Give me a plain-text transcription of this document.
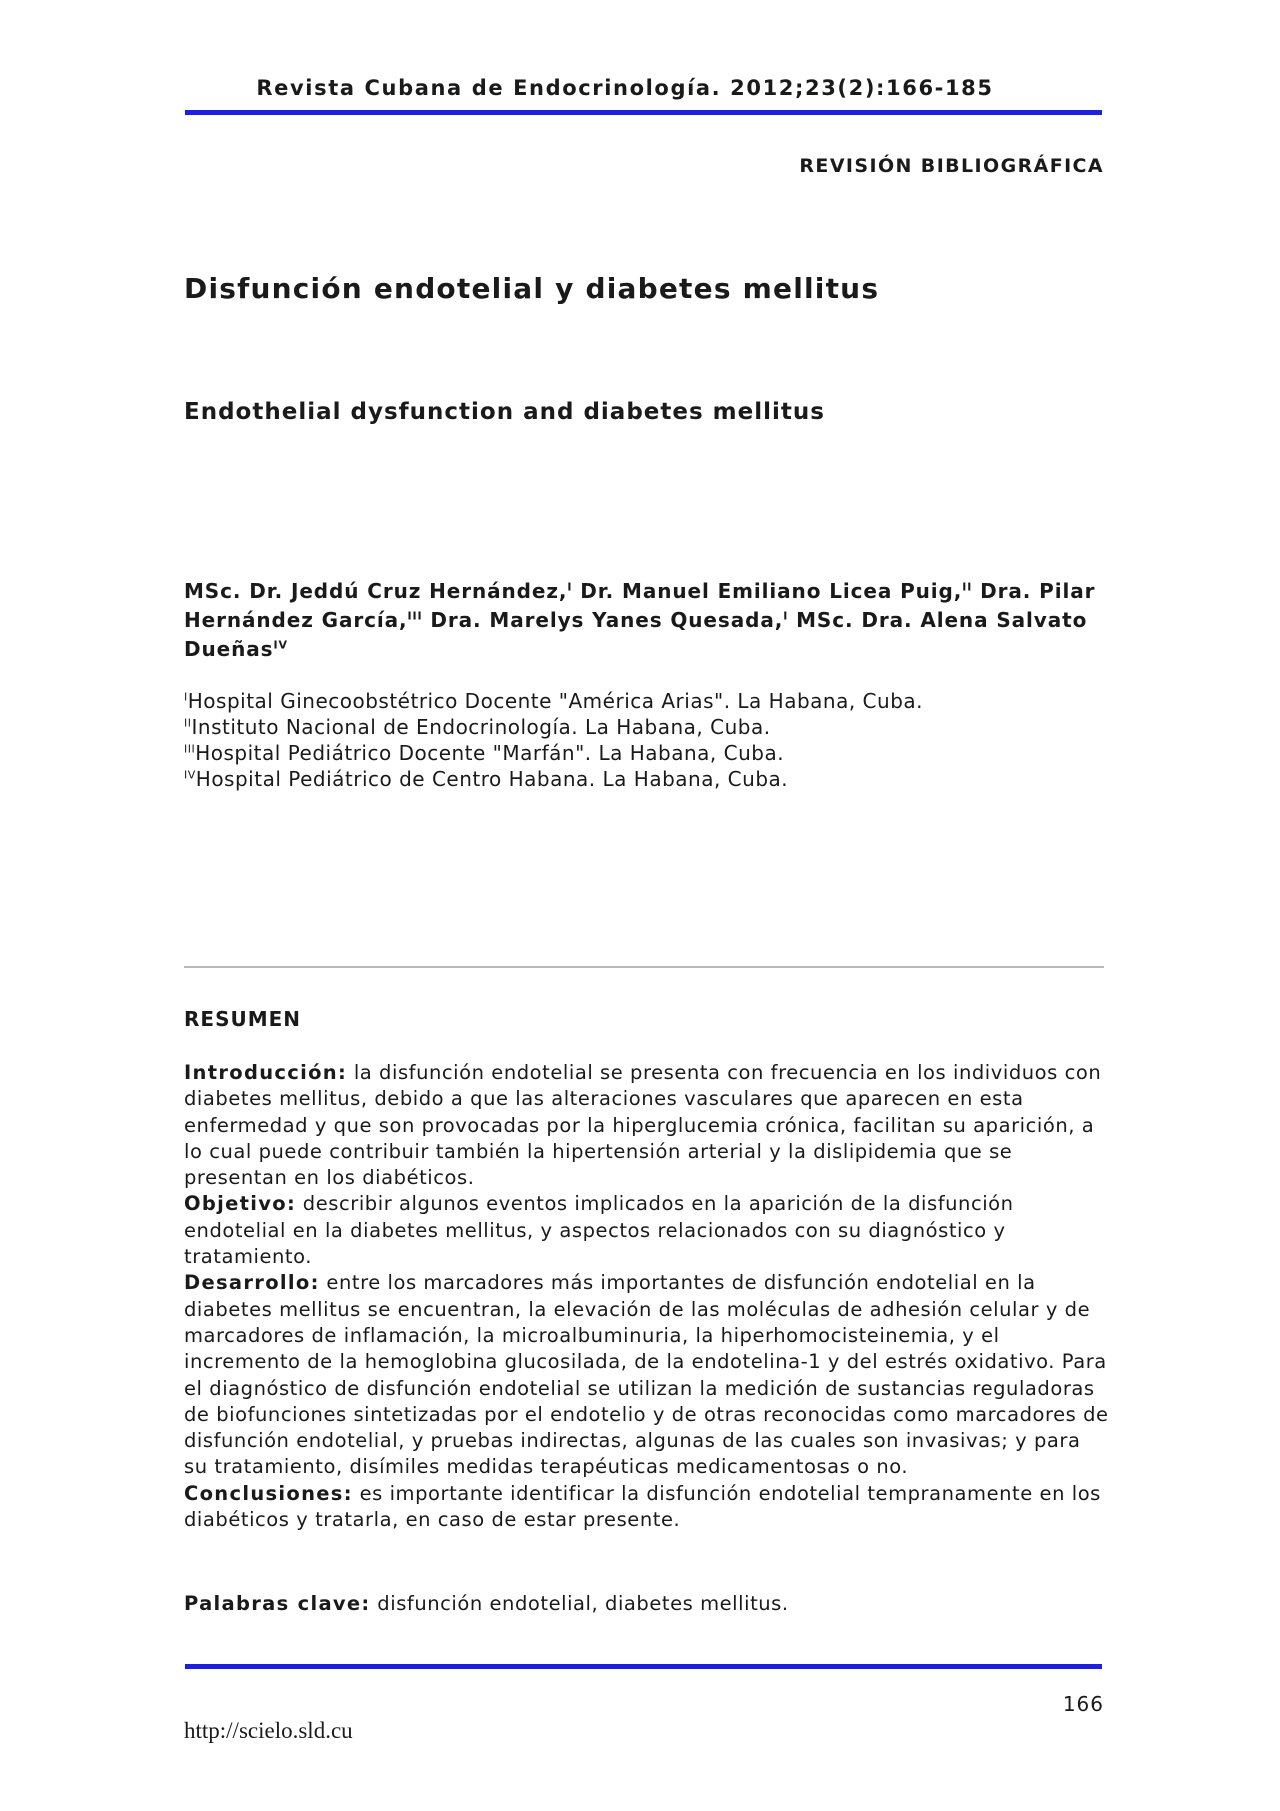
Revista Cubana de Endocrinología. 2012;23(2):166-185
REVISIÓN BIBLIOGRÁFICA
Disfunción endotelial y diabetes mellitus
Endothelial dysfunction and diabetes mellitus
MSc. Dr. Jeddú Cruz Hernández,$^I$ Dr. Manuel Emiliano Licea Puig,$^{II}$ Dra. Pilar Hernández García,$^{III}$ Dra. Marelys Yanes Quesada,$^I$ MSc. Dra. Alena Salvato Dueñas$^{IV}$
$^I$Hospital Ginecoobstétrico Docente "América Arias". La Habana, Cuba.
$^{II}$Instituto Nacional de Endocrinología. La Habana, Cuba.
$^{III}$Hospital Pediátrico Docente "Marfán". La Habana, Cuba.
$^{IV}$Hospital Pediátrico de Centro Habana. La Habana, Cuba.
RESUMEN

Introducción: la disfunción endotelial se presenta con frecuencia en los individuos con diabetes mellitus, debido a que las alteraciones vasculares que aparecen en esta enfermedad y que son provocadas por la hiperglucemia crónica, facilitan su aparición, a lo cual puede contribuir también la hipertensión arterial y la dislipidemia que se presentan en los diabéticos.

Objetivo: describir algunos eventos implicados en la aparición de la disfunción endotelial en la diabetes mellitus, y aspectos relacionados con su diagnóstico y tratamiento.

Desarrollo: entre los marcadores más importantes de disfunción endotelial en la diabetes mellitus se encuentran, la elevación de las moléculas de adhesión celular y de marcadores de inflamación, la microalbuminuria, la hiperhomocisteinemia, y el incremento de la hemoglobina glucosilada, de la endotelina-1 y del estrés oxidativo. Para el diagnóstico de disfunción endotelial se utilizan la medición de sustancias reguladoras de biofunciones sintetizadas por el endotelio y de otras reconocidas como marcadores de disfunción endotelial, y pruebas indirectas, algunas de las cuales son invasivas; y para su tratamiento, disímiles medidas terapéuticas medicamentosas o no.

Conclusiones: es importante identificar la disfunción endotelial tempranamente en los diabéticos y tratarla, en caso de estar presente.

Palabras clave: disfunción endotelial, diabetes mellitus.
166
http://scielo.sld.cu
